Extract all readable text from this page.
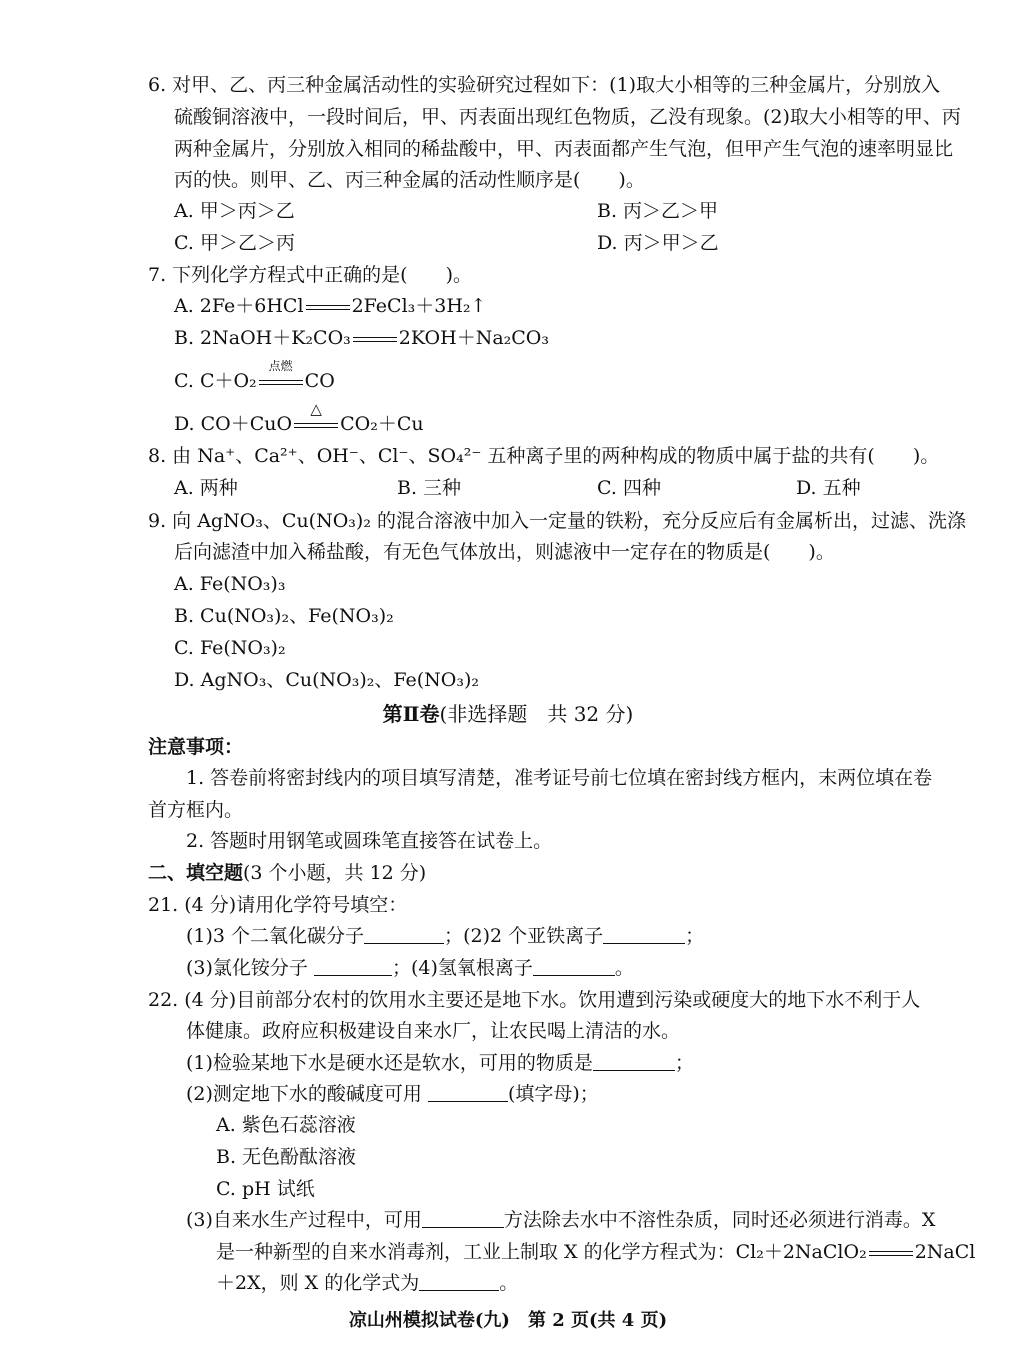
6. 对甲、乙、丙三种金属活动性的实验研究过程如下：(1)取大小相等的三种金属片，分别放入
硫酸铜溶液中，一段时间后，甲、丙表面出现红色物质，乙没有现象。(2)取大小相等的甲、丙
两种金属片，分别放入相同的稀盐酸中，甲、丙表面都产生气泡，但甲产生气泡的速率明显比
丙的快。则甲、乙、丙三种金属的活动性顺序是(　　)。
A. 甲＞丙＞乙	B. 丙＞乙＞甲
C. 甲＞乙＞丙	D. 丙＞甲＞乙
7. 下列化学方程式中正确的是(　　)。
A. 2Fe＋6HCl	2FeCl₃＋3H₂↑
B. 2NaOH＋K₂CO₃	2KOH＋Na₂CO₃
C. C＋O₂
点燃
CO
D. CO＋CuO
△
CO₂＋Cu
8. 由 Na⁺、Ca²⁺、OH⁻、Cl⁻、SO₄²⁻ 五种离子里的两种构成的物质中属于盐的共有(　　)。
A. 两种	B. 三种	C. 四种	D. 五种
9. 向 AgNO₃、Cu(NO₃)₂ 的混合溶液中加入一定量的铁粉，充分反应后有金属析出，过滤、洗涤
后向滤渣中加入稀盐酸，有无色气体放出，则滤液中一定存在的物质是(　　)。
A. Fe(NO₃)₃
B. Cu(NO₃)₂、Fe(NO₃)₂
C. Fe(NO₃)₂
D. AgNO₃、Cu(NO₃)₂、Fe(NO₃)₂
第Ⅱ卷(非选择题　共 32 分)
注意事项：
1. 答卷前将密封线内的项目填写清楚，准考证号前七位填在密封线方框内，末两位填在卷
首方框内。
2. 答题时用钢笔或圆珠笔直接答在试卷上。
二、填空题(3 个小题，共 12 分)
21. (4 分)请用化学符号填空：
(1)3 个二氧化碳分子	；(2)2 个亚铁离子	；
(3)氯化铵分子	；(4)氢氧根离子	。
22. (4 分)目前部分农村的饮用水主要还是地下水。饮用遭到污染或硬度大的地下水不利于人
体健康。政府应积极建设自来水厂，让农民喝上清洁的水。
(1)检验某地下水是硬水还是软水，可用的物质是	；
(2)测定地下水的酸碱度可用	(填字母)；
A. 紫色石蕊溶液
B. 无色酚酞溶液
C. pH 试纸
(3)自来水生产过程中，可用	方法除去水中不溶性杂质，同时还必须进行消毒。X
是一种新型的自来水消毒剂，工业上制取 X 的化学方程式为：Cl₂＋2NaClO₂	2NaCl
＋2X，则 X 的化学式为	。
凉山州模拟试卷(九)　第 2 页(共 4 页)
